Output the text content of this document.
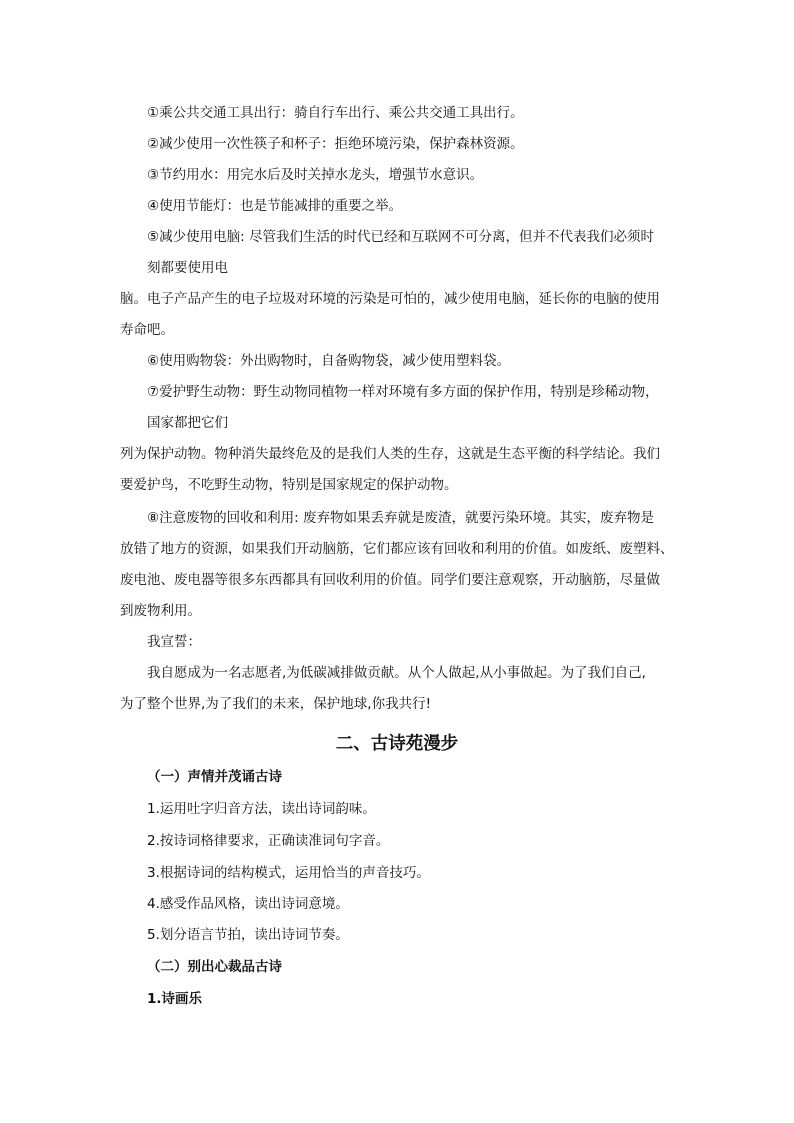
①乘公共交通工具出行：骑自行车出行、乘公共交通工具出行。

②减少使用一次性筷子和杯子：拒绝环境污染，保护森林资源。

③节约用水：用完水后及时关掉水龙头，增强节水意识。

④使用节能灯：也是节能减排的重要之举。

⑤减少使用电脑: 尽管我们生活的时代已经和互联网不可分离，但并不代表我们必须时

刻都要使用电

脑。电子产品产生的电子垃圾对环境的污染是可怕的，减少使用电脑，延长你的电脑的使用

寿命吧。

⑥使用购物袋：外出购物时，自备购物袋，减少使用塑料袋。

⑦爱护野生动物：野生动物同植物一样对环境有多方面的保护作用，特别是珍稀动物，

国家都把它们

列为保护动物。物种消失最终危及的是我们人类的生存，这就是生态平衡的科学结论。我们

要爱护鸟，不吃野生动物，特别是国家规定的保护动物。

⑧注意废物的回收和利用: 废弃物如果丢弃就是废渣，就要污染环境。其实，废弃物是

放错了地方的资源，如果我们开动脑筋，它们都应该有回收和利用的价值。如废纸、废塑料、

废电池、废电器等很多东西都具有回收利用的价值。同学们要注意观察，开动脑筋，尽量做

到废物利用。

我宣誓：

我自愿成为一名志愿者,为低碳减排做贡献。从个人做起,从小事做起。为了我们自己,

为了整个世界,为了我们的未来，保护地球,你我共行!

二、古诗苑漫步

（一）声情并茂诵古诗

1.运用吐字归音方法，读出诗词韵味。

2.按诗词格律要求，正确读准词句字音。

3.根据诗词的结构模式，运用恰当的声音技巧。

4.感受作品风格，读出诗词意境。

5.划分语言节拍，读出诗词节奏。

（二）别出心裁品古诗

1.诗画乐
